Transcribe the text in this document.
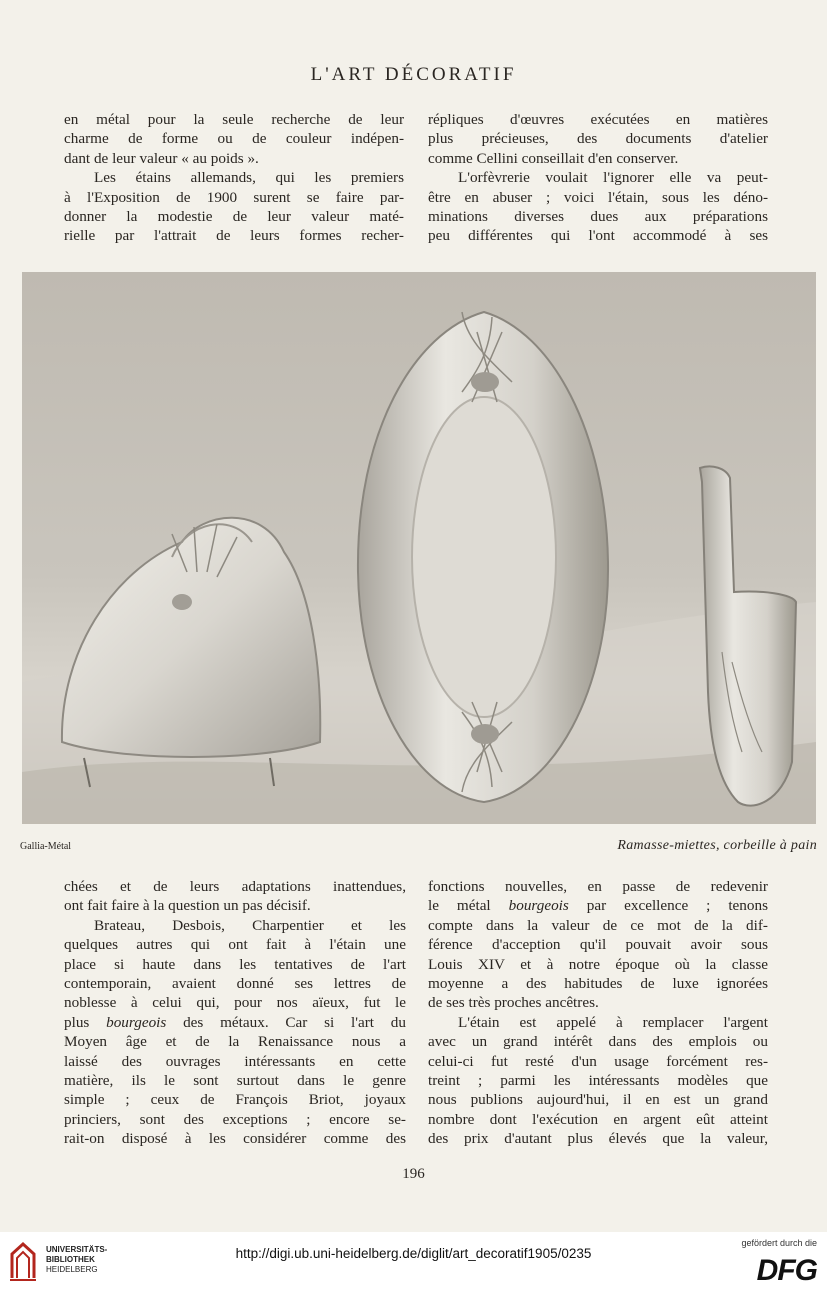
L'ART DÉCORATIF
en métal pour la seule recherche de leur
charme de forme ou de couleur indépen-
dant de leur valeur « au poids ».
Les étains allemands, qui les premiers
à l'Exposition de 1900 surent se faire par-
donner la modestie de leur valeur maté-
rielle par l'attrait de leurs formes recher-
répliques d'œuvres exécutées en matières
plus précieuses, des documents d'atelier
comme Cellini conseillait d'en conserver.
L'orfèvrerie voulait l'ignorer elle va peut-
être en abuser ; voici l'étain, sous les déno-
minations diverses dues aux préparations
peu différentes qui l'ont accommodé à ses
Gallia-Métal	Ramasse-miettes, corbeille à pain
chées et de leurs adaptations inattendues,
ont fait faire à la question un pas décisif.
Brateau, Desbois, Charpentier et les
quelques autres qui ont fait à l'étain une
place si haute dans les tentatives de l'art
contemporain, avaient donné ses lettres de
noblesse à celui qui, pour nos aïeux, fut le
plus bourgeois des métaux. Car si l'art du
Moyen âge et de la Renaissance nous a
laissé des ouvrages intéressants en cette
matière, ils le sont surtout dans le genre
simple ; ceux de François Briot, joyaux
princiers, sont des exceptions ; encore se-
rait-on disposé à les considérer comme des
fonctions nouvelles, en passe de redevenir
le métal bourgeois par excellence ; tenons
compte dans la valeur de ce mot de la dif-
férence d'acception qu'il pouvait avoir sous
Louis XIV et à notre époque où la classe
moyenne a des habitudes de luxe ignorées
de ses très proches ancêtres.
L'étain est appelé à remplacer l'argent
avec un grand intérêt dans des emplois ou
celui-ci fut resté d'un usage forcément res-
treint ; parmi les intéressants modèles que
nous publions aujourd'hui, il en est un grand
nombre dont l'exécution en argent eût atteint
des prix d'autant plus élevés que la valeur,
196
UNIVERSITÄTS-
BIBLIOTHEK
HEIDELBERG
http://digi.ub.uni-heidelberg.de/diglit/art_decoratif1905/0235
gefördert durch die
DFG
